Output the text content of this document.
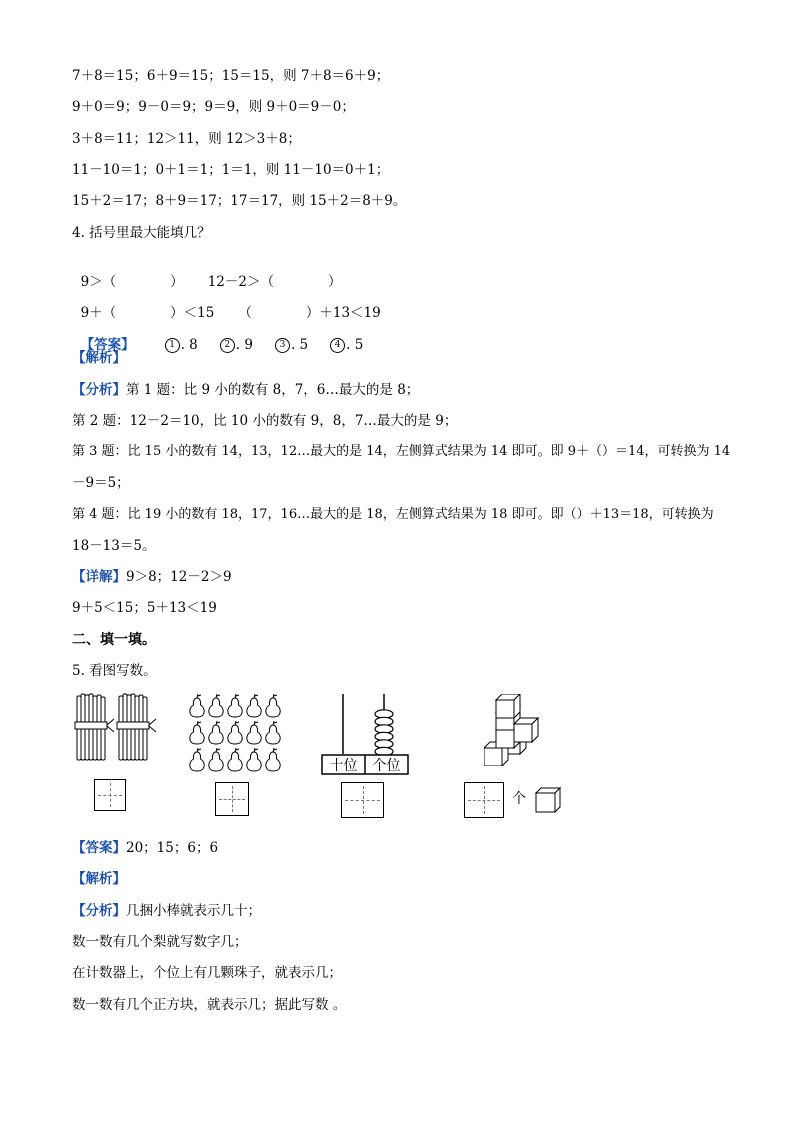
7＋8＝15；6＋9＝15；15＝15，则 7＋8＝6＋9；
9＋0＝9；9－0＝9；9＝9，则 9＋0＝9－0；
3＋8＝11；12＞11，则 12＞3＋8；
11－10＝1；0＋1＝1；1＝1，则 11－10＝0＋1；
15＋2＝17；8＋9＝17；17＝17，则 15＋2＝8＋9。
4. 括号里最大能填几？

9＞（　　　　） 12－2＞（　　　　）

9＋（　　　　）＜15 （　　　　）＋13＜19

【答案】	1 . 8	2 . 9	3 . 5	4 . 5

【解析】
【分析】第 1 题：比 9 小的数有 8，7，6…最大的是 8；
第 2 题：12－2＝10，比 10 小的数有 9，8，7…最大的是 9；
第 3 题：比 15 小的数有 14，13，12…最大的是 14，左侧算式结果为 14 即可。即 9＋（）＝14，可转换为 14
－9＝5；
第 4 题：比 19 小的数有 18，17，16…最大的是 18，左侧算式结果为 18 即可。即（）＋13＝18，可转换为
18－13＝5。
【详解】9＞8；12－2＞9
9＋5＜15；5＋13＜19
二、填一填。
5. 看图写数。
十位 个位
个
【答案】20；15；6；6
【解析】
【分析】几捆小棒就表示几十；
数一数有几个梨就写数字几；
在计数器上，个位上有几颗珠子，就表示几；
数一数有几个正方块，就表示几；据此写数 。
